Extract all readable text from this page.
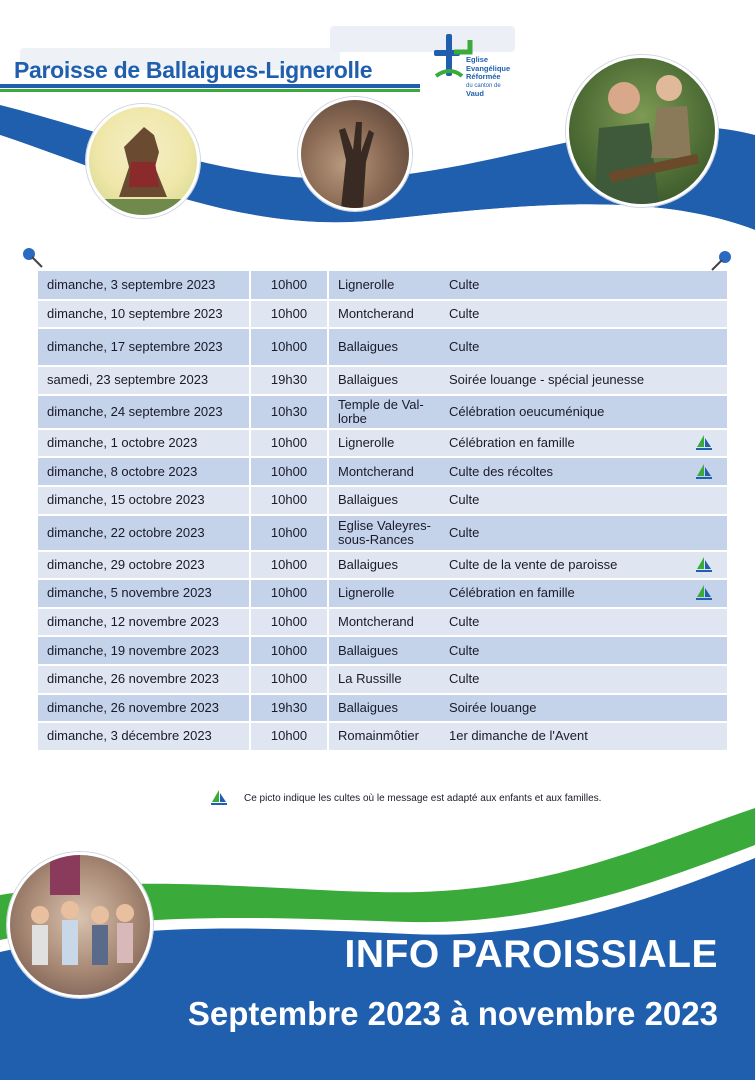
Paroisse de Ballaigues-Lignerolle	Eglise
Evangélique
Réformée
du canton de
Vaud
dimanche, 3 septembre 2023	10h00	Lignerolle	Culte	
dimanche, 10 septembre 2023	10h00	Montcherand	Culte	
dimanche, 17 septembre 2023	10h00	Ballaigues	Culte	
samedi, 23 septembre 2023	19h30	Ballaigues	Soirée louange - spécial jeunesse	
dimanche, 24 septembre 2023	10h30	Temple de Val-lorbe	Célébration oeucuménique	
dimanche, 1 octobre 2023	10h00	Lignerolle	Célébration en famille	
dimanche, 8 octobre 2023	10h00	Montcherand	Culte des récoltes	
dimanche, 15 octobre 2023	10h00	Ballaigues	Culte	
dimanche, 22 octobre 2023	10h00	Eglise Valeyres-sous-Rances	Culte	
dimanche, 29 octobre 2023	10h00	Ballaigues	Culte de la vente de paroisse	
dimanche, 5 novembre 2023	10h00	Lignerolle	Célébration en famille	
dimanche, 12 novembre 2023	10h00	Montcherand	Culte	
dimanche, 19 novembre 2023	10h00	Ballaigues	Culte	
dimanche, 26 novembre 2023	10h00	La Russille	Culte	
dimanche, 26 novembre 2023	19h30	Ballaigues	Soirée louange	
dimanche, 3 décembre 2023	10h00	Romainmôtier	1er dimanche de l'Avent	
Ce picto indique les cultes où le message est adapté aux enfants et aux familles.
INFO PAROISSIALE
Septembre 2023 à novembre 2023
